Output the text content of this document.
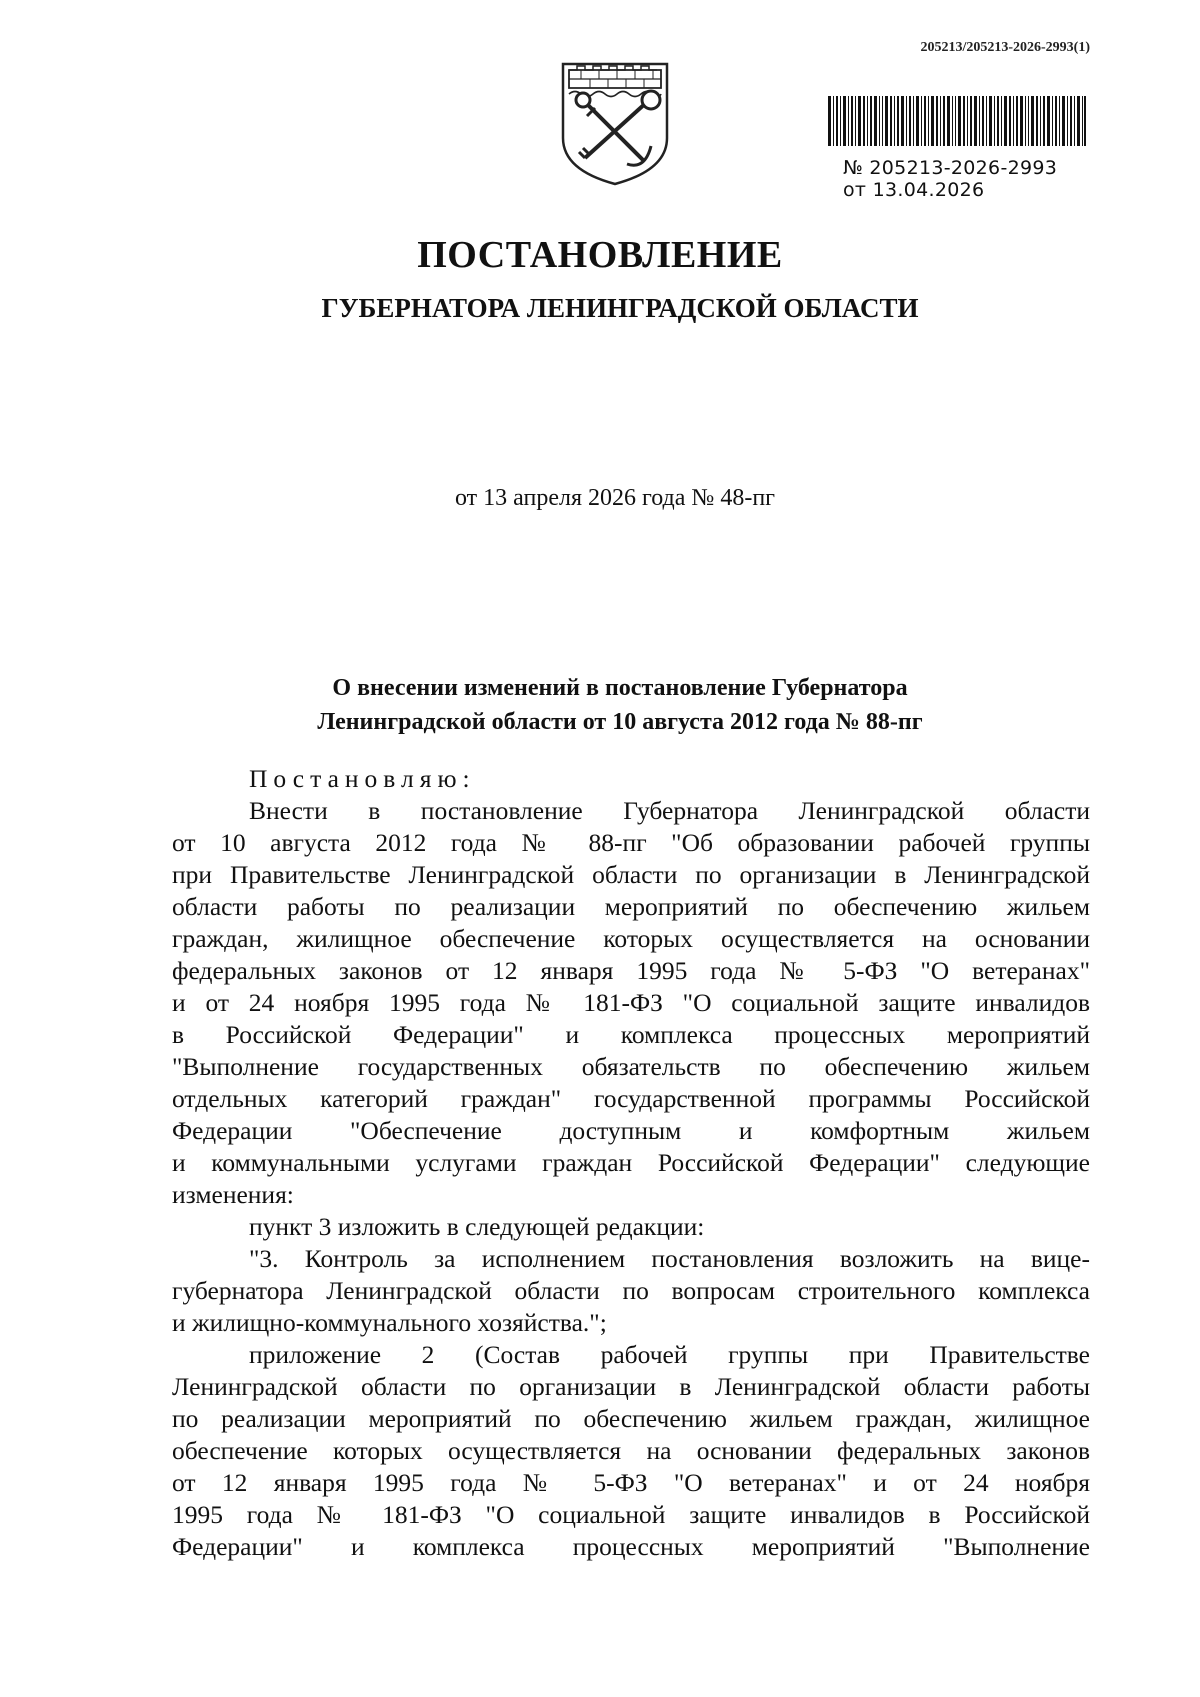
205213/205213-2026-2993(1)
№ 205213-2026-2993
от 13.04.2026
ПОСТАНОВЛЕНИЕ
ГУБЕРНАТОРА ЛЕНИНГРАДСКОЙ ОБЛАСТИ
от 13 апреля 2026 года № 48-пг
О внесении изменений в постановление Губернатора
Ленинградской области от 10 августа 2012 года № 88-пг

Постановляю:

Внести в постановление Губернатора Ленинградской области
от 10 августа 2012 года № 88-пг "Об образовании рабочей группы
при Правительстве Ленинградской области по организации в Ленинградской
области работы по реализации мероприятий по обеспечению жильем
граждан, жилищное обеспечение которых осуществляется на основании
федеральных законов от 12 января 1995 года № 5-ФЗ "О ветеранах"
и от 24 ноября 1995 года № 181-ФЗ "О социальной защите инвалидов
в Российской Федерации" и комплекса процессных мероприятий
"Выполнение государственных обязательств по обеспечению жильем
отдельных категорий граждан" государственной программы Российской
Федерации "Обеспечение доступным и комфортным жильем
и коммунальными услугами граждан Российской Федерации" следующие
изменения:

пункт 3 изложить в следующей редакции:

"3. Контроль за исполнением постановления возложить на вице-
губернатора Ленинградской области по вопросам строительного комплекса
и жилищно-коммунального хозяйства.";

приложение 2 (Состав рабочей группы при Правительстве
Ленинградской области по организации в Ленинградской области работы
по реализации мероприятий по обеспечению жильем граждан, жилищное
обеспечение которых осуществляется на основании федеральных законов
от 12 января 1995 года № 5-ФЗ "О ветеранах" и от 24 ноября
1995 года № 181-ФЗ "О социальной защите инвалидов в Российской
Федерации" и комплекса процессных мероприятий "Выполнение
